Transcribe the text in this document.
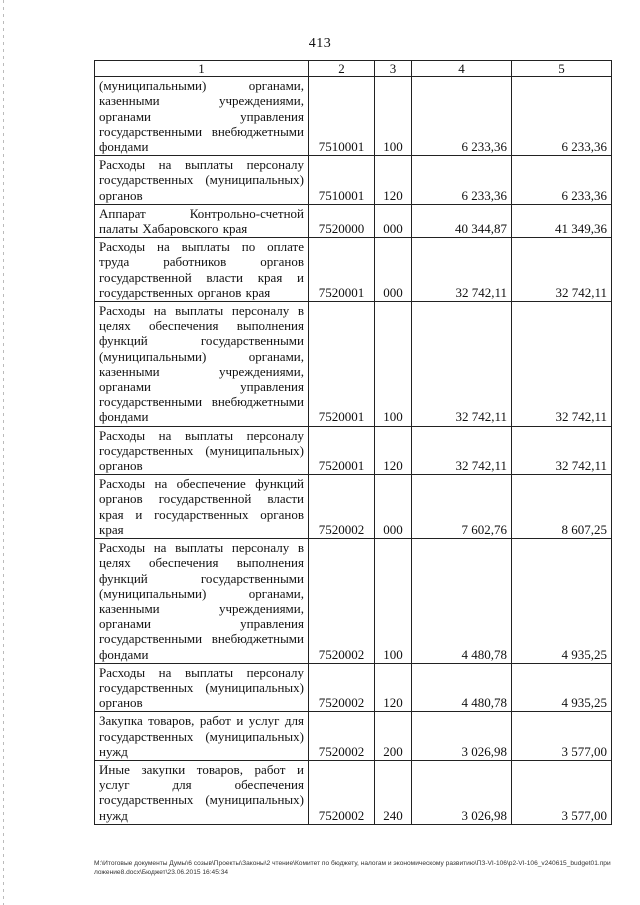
413
1	2	3	4	5
(муниципальными) органами, казенными учреждениями, органами управления государственными внебюджетными фондами	7510001	100	6 233,36	6 233,36
Расходы на выплаты персоналу государственных (муниципальных) органов	7510001	120	6 233,36	6 233,36
Аппарат Контрольно-счетной палаты Хабаровского края	7520000	000	40 344,87	41 349,36
Расходы на выплаты по оплате труда работников органов государственной власти края и государственных органов края	7520001	000	32 742,11	32 742,11
Расходы на выплаты персоналу в целях обеспечения выполнения функций государственными (муниципальными) органами, казенными учреждениями, органами управления государственными внебюджетными фондами	7520001	100	32 742,11	32 742,11
Расходы на выплаты персоналу государственных (муниципальных) органов	7520001	120	32 742,11	32 742,11
Расходы на обеспечение функций органов государственной власти края и государственных органов края	7520002	000	7 602,76	8 607,25
Расходы на выплаты персоналу в целях обеспечения выполнения функций государственными (муниципальными) органами, казенными учреждениями, органами управления государственными внебюджетными фондами	7520002	100	4 480,78	4 935,25
Расходы на выплаты персоналу государственных (муниципальных) органов	7520002	120	4 480,78	4 935,25
Закупка товаров, работ и услуг для государственных (муниципальных) нужд	7520002	200	3 026,98	3 577,00
Иные закупки товаров, работ и услуг для обеспечения государственных (муниципальных) нужд	7520002	240	3 026,98	3 577,00
М:\Итоговые документы Думы\6 созыв\Проекты\Законы\2 чтение\Комитет по бюджету, налогам и экономическому развитию\ПЗ-VI-106\р2-VI-106_v240615_budget01.приложение8.docx\Бюджет\23.06.2015 16:45:34
